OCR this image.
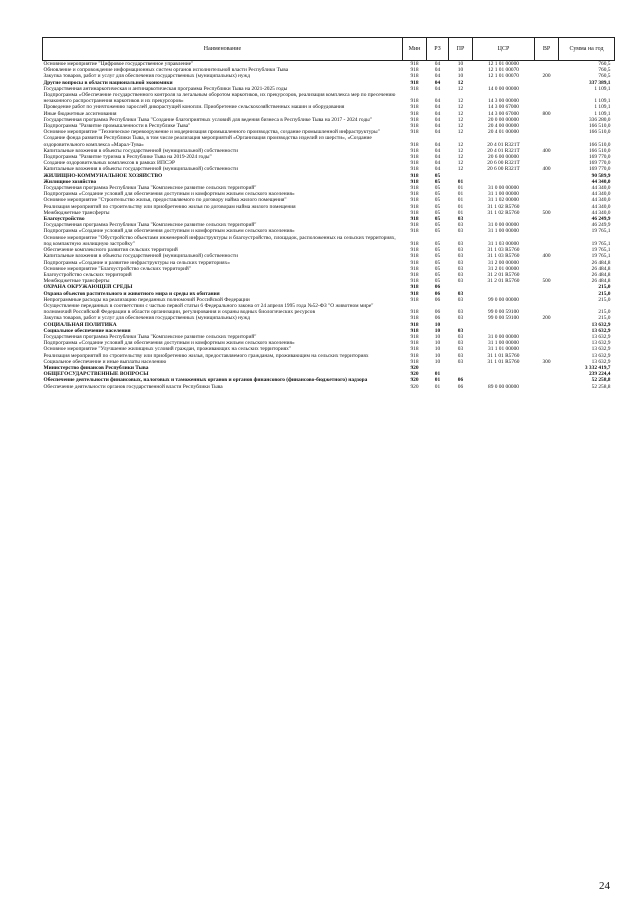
Наименование	Мин	РЗ	ПР	ЦСР	ВР	Сумма на год
Основное мероприятие "Цифровое государственное управление"	918	04	10	12 1 01 00000		760,5
Обновление и сопровождение информационных систем органов исполнительной власти Республики Тыва	918	04	10	12 1 01 00070		760,5
Закупка товаров, работ и услуг для обеспечения государственных (муниципальных) нужд	918	04	10	12 1 01 00070	200	760,5
Другие вопросы в области национальной экономики	918	04	12			337 389,1
Государственная антинаркотическая и антинаркотическая программа Республики Тыва на 2021-2025 годы	918	04	12	14 0 00 00000		1 109,1
Подпрограмма «Обеспечение государственного контроля за легальным оборотом наркотиков, их прекурсоров, реализация комплекса мер по пресечению незаконного распространения наркотиков и их прекурсоров»	918	04	12	14 3 00 00000		1 109,1
Проведение работ по уничтожению зарослей дикорастущей конопли. Приобретение сельскохозяйственных машин и оборудования	918	04	12	14 3 00 67000		1 109,1
Иные бюджетные ассигнования	918	04	12	14 3 00 67000	800	1 109,1
Государственная программа Республики Тыва "Создание благоприятных условий для ведения бизнеса в Республике Тыва на 2017 - 2024 годы"	918	04	12	20 0 00 00000		336 280,0
Подпрограмма "Развитие промышленности в Республике Тыва"	918	04	12	20 4 00 00000		166 510,0
Основное мероприятие "Техническое перевооружение и модернизация промышленного производства, создание промышленной инфраструктуры"	918	04	12	20 4 01 00000		166 510,0
Создание фонда развития Республики Тыва, в том числе реализация мероприятий «Организация производства изделий из шерсти», «Создание оздоровительного комплекса «Марал-Тува»	918	04	12	20 4 01 R321T		166 510,0
Капитальные вложения в объекты государственной (муниципальной) собственности	918	04	12	20 4 01 R321T	400	166 510,0
Подпрограмма "Развитие туризма в Республике Тыва на 2019-2024 годы"	918	04	12	20 6 00 00000		169 770,0
Создание оздоровительных комплексов в рамках ИПСЭР	918	04	12	20 6 00 R321T		169 770,0
Капитальные вложения в объекты государственной (муниципальной) собственности	918	04	12	20 6 00 R321T	400	169 770,0
ЖИЛИЩНО-КОММУНАЛЬНОЕ ХОЗЯЙСТВО	918	05				90 589,9
Жилищное хозяйство	918	05	01			44 340,0
Государственная программа Республики Тыва "Комплексное развитие сельских территорий"	918	05	01	31 0 00 00000		44 340,0
Подпрограмма «Создание условий для обеспечения доступным и комфортным жильем сельского населения»	918	05	01	31 1 00 00000		44 340,0
Основное мероприятие "Строительство жилья, предоставляемого по договору найма жилого помещения"	918	05	01	31 1 02 00000		44 340,0
Реализация мероприятий по строительству или приобретению жилья по договорам найма жилого помещения	918	05	01	31 1 02 R5760		44 340,0
Межбюджетные трансферты	918	05	01	31 1 02 R5760	500	44 340,0
Благоустройство	918	05	03			46 249,9
Государственная программа Республики Тыва "Комплексное развитие сельских территорий"	918	05	03	31 0 00 00000		46 249,9
Подпрограмма «Создание условий для обеспечения доступным и комфортным жильем сельского населения»	918	05	03	31 1 00 00000		19 765,1
Основное мероприятие "Обустройство объектами инженерной инфраструктуры и благоустройство, площадок, расположенных на сельских территориях, под компактную жилищную застройку"	918	05	03	31 1 03 00000		19 765,1
Обеспечение комплексного развития сельских территорий	918	05	03	31 1 03 R5760		19 765,1
Капитальные вложения в объекты государственной (муниципальной) собственности	918	05	03	31 1 03 R5760	400	19 765,1
Подпрограмма «Создание и развитие инфраструктуры на сельских территориях»	918	05	03	31 2 00 00000		26 484,8
Основное мероприятие "Благоустройство сельских территорий"	918	05	03	31 2 01 00000		26 484,8
Благоустройство сельских территорий	918	05	03	31 2 01 R5760		26 484,8
Межбюджетные трансферты	918	05	03	31 2 01 R5760	500	26 484,8
ОХРАНА ОКРУЖАЮЩЕЙ СРЕДЫ	918	06				215,0
Охрана объектов растительного и животного мира и среды их обитания	918	06	03			215,0
Непрограммные расходы на реализацию переданных полномочий Российской Федерации	918	06	03	99 0 00 00000		215,0
Осуществление переданных в соответствии с частью первой статьи 6 Федерального закона от 24 апреля 1995 года №52-ФЗ "О животном мире" полномочий Российской Федерации в области организации, регулирования и охраны водных биологических ресурсов	918	06	03	99 0 00 59100		215,0
Закупка товаров, работ и услуг для обеспечения государственных (муниципальных) нужд	918	06	03	99 0 00 59100	200	215,0
СОЦИАЛЬНАЯ ПОЛИТИКА	918	10				13 632,9
Социальное обеспечение населения	918	10	03			13 632,9
Государственная программа Республики Тыва "Комплексное развитие сельских территорий"	918	10	03	31 0 00 00000		13 632,9
Подпрограмма «Создание условий для обеспечения доступным и комфортным жильем сельского населения»	918	10	03	31 1 00 00000		13 632,9
Основное мероприятие "Улучшение жилищных условий граждан, проживающих на сельских территориях"	918	10	03	31 1 01 00000		13 632,9
Реализация мероприятий по строительству или приобретению жилья, предоставляемого гражданам, проживающим на сельских территориях	918	10	03	31 1 01 R5760		13 632,9
Социальное обеспечение и иные выплаты населению	918	10	03	31 1 01 R5760	300	13 632,9
Министерство финансов Республики Тыва	920					3 332 419,7
ОБЩЕГОСУДАРСТВЕННЫЕ ВОПРОСЫ	920	01				239 224,4
Обеспечение деятельности финансовых, налоговых и таможенных органов и органов финансового (финансово-бюджетного) надзора	920	01	06			52 258,8
Обеспечение деятельности органов государственной власти Республики Тыва	920	01	06	89 0 00 00000		52 258,8
24
